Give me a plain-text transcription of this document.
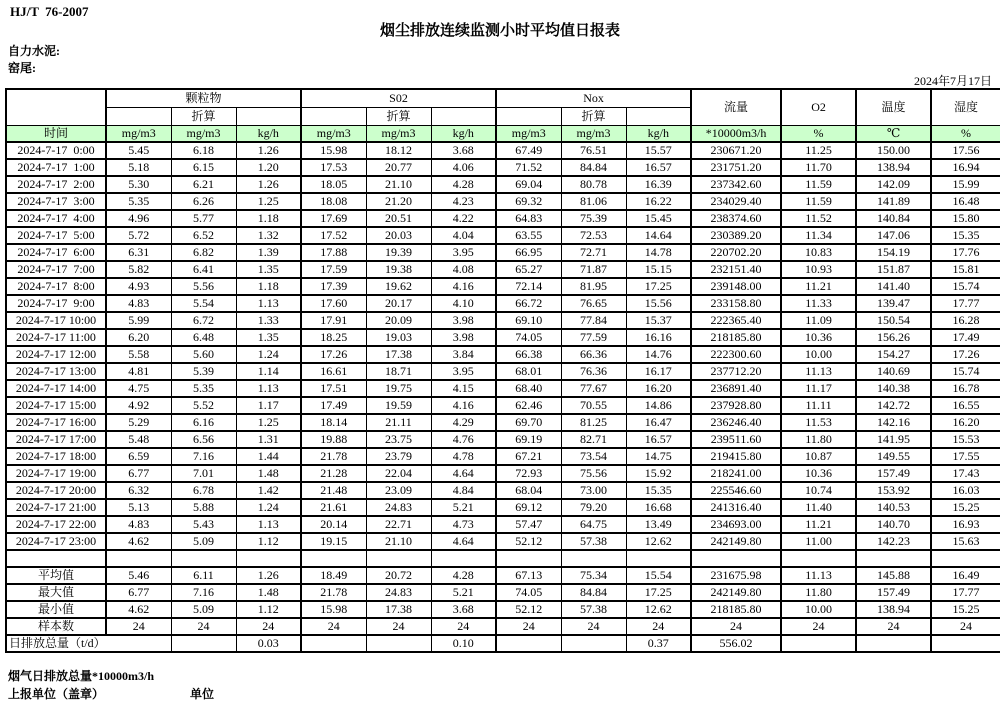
HJ/T  76-2007
烟尘排放连续监测小时平均值日报表
自力水泥:
窑尾:
2024年7月17日
	颗粒物			S02			Nox			流量	O2	温度	湿度
		折算			折算			折算					
时间	mg/m3	mg/m3	kg/h	mg/m3	mg/m3	kg/h	mg/m3	mg/m3	kg/h	*10000m3/h	%	℃	%
2024-7-17  0:00	5.45	6.18	1.26	15.98	18.12	3.68	67.49	76.51	15.57	230671.20	11.25	150.00	17.56
2024-7-17  1:00	5.18	6.15	1.20	17.53	20.77	4.06	71.52	84.84	16.57	231751.20	11.70	138.94	16.94
2024-7-17  2:00	5.30	6.21	1.26	18.05	21.10	4.28	69.04	80.78	16.39	237342.60	11.59	142.09	15.99
2024-7-17  3:00	5.35	6.26	1.25	18.08	21.20	4.23	69.32	81.06	16.22	234029.40	11.59	141.89	16.48
2024-7-17  4:00	4.96	5.77	1.18	17.69	20.51	4.22	64.83	75.39	15.45	238374.60	11.52	140.84	15.80
2024-7-17  5:00	5.72	6.52	1.32	17.52	20.03	4.04	63.55	72.53	14.64	230389.20	11.34	147.06	15.35
2024-7-17  6:00	6.31	6.82	1.39	17.88	19.39	3.95	66.95	72.71	14.78	220702.20	10.83	154.19	17.76
2024-7-17  7:00	5.82	6.41	1.35	17.59	19.38	4.08	65.27	71.87	15.15	232151.40	10.93	151.87	15.81
2024-7-17  8:00	4.93	5.56	1.18	17.39	19.62	4.16	72.14	81.95	17.25	239148.00	11.21	141.40	15.74
2024-7-17  9:00	4.83	5.54	1.13	17.60	20.17	4.10	66.72	76.65	15.56	233158.80	11.33	139.47	17.77
2024-7-17 10:00	5.99	6.72	1.33	17.91	20.09	3.98	69.10	77.84	15.37	222365.40	11.09	150.54	16.28
2024-7-17 11:00	6.20	6.48	1.35	18.25	19.03	3.98	74.05	77.59	16.16	218185.80	10.36	156.26	17.49
2024-7-17 12:00	5.58	5.60	1.24	17.26	17.38	3.84	66.38	66.36	14.76	222300.60	10.00	154.27	17.26
2024-7-17 13:00	4.81	5.39	1.14	16.61	18.71	3.95	68.01	76.36	16.17	237712.20	11.13	140.69	15.74
2024-7-17 14:00	4.75	5.35	1.13	17.51	19.75	4.15	68.40	77.67	16.20	236891.40	11.17	140.38	16.78
2024-7-17 15:00	4.92	5.52	1.17	17.49	19.59	4.16	62.46	70.55	14.86	237928.80	11.11	142.72	16.55
2024-7-17 16:00	5.29	6.16	1.25	18.14	21.11	4.29	69.70	81.25	16.47	236246.40	11.53	142.16	16.20
2024-7-17 17:00	5.48	6.56	1.31	19.88	23.75	4.76	69.19	82.71	16.57	239511.60	11.80	141.95	15.53
2024-7-17 18:00	6.59	7.16	1.44	21.78	23.79	4.78	67.21	73.54	14.75	219415.80	10.87	149.55	17.55
2024-7-17 19:00	6.77	7.01	1.48	21.28	22.04	4.64	72.93	75.56	15.92	218241.00	10.36	157.49	17.43
2024-7-17 20:00	6.32	6.78	1.42	21.48	23.09	4.84	68.04	73.00	15.35	225546.60	10.74	153.92	16.03
2024-7-17 21:00	5.13	5.88	1.24	21.61	24.83	5.21	69.12	79.20	16.68	241316.40	11.40	140.53	15.25
2024-7-17 22:00	4.83	5.43	1.13	20.14	22.71	4.73	57.47	64.75	13.49	234693.00	11.21	140.70	16.93
2024-7-17 23:00	4.62	5.09	1.12	19.15	21.10	4.64	52.12	57.38	12.62	242149.80	11.00	142.23	15.63

平均值	5.46	6.11	1.26	18.49	20.72	4.28	67.13	75.34	15.54	231675.98	11.13	145.88	16.49
最大值	6.77	7.16	1.48	21.78	24.83	5.21	74.05	84.84	17.25	242149.80	11.80	157.49	17.77
最小值	4.62	5.09	1.12	15.98	17.38	3.68	52.12	57.38	12.62	218185.80	10.00	138.94	15.25
样本数	24	24	24	24	24	24	24	24	24	24	24	24	24
日排放总量（t/d）			0.03			0.10			0.37	556.02			
烟气日排放总量*10000m3/h
上报单位（盖章）	单位
